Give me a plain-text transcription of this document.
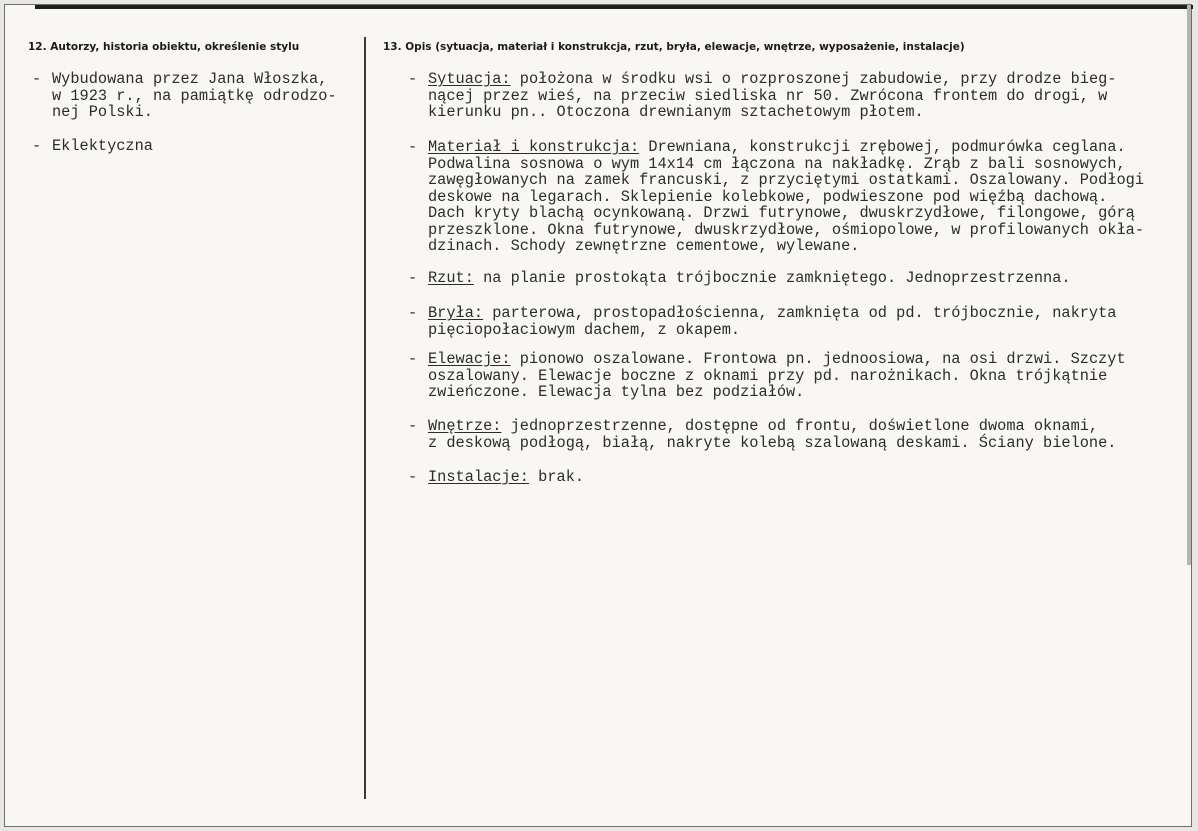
12. Autorzy, historia obiektu, określenie stylu	13. Opis (sytuacja, materiał i konstrukcja, rzut, bryła, elewacje, wnętrze, wyposażenie, instalacje)
- Wybudowana przez Jana Włoszka,
w 1923 r., na pamiątkę odrodzo-
nej Polski.
- Eklektyczna
- Sytuacja: położona w środku wsi o rozproszonej zabudowie, przy drodze bieg-
nącej przez wieś, na przeciw siedliska nr 50. Zwrócona frontem do drogi, w
kierunku pn.. Otoczona drewnianym sztachetowym płotem.
- Materiał i konstrukcja: Drewniana, konstrukcji zrębowej, podmurówka ceglana.
Podwalina sosnowa o wym 14x14 cm łączona na nakładkę. Zrąb z bali sosnowych,
zawęgłowanych na zamek francuski, z przyciętymi ostatkami. Oszalowany. Podłogi
deskowe na legarach. Sklepienie kolebkowe, podwieszone pod więźbą dachową.
Dach kryty blachą ocynkowaną. Drzwi futrynowe, dwuskrzydłowe, filongowe, górą
przeszklone. Okna futrynowe, dwuskrzydłowe, ośmiopolowe, w profilowanych okła-
dzinach. Schody zewnętrzne cementowe, wylewane.
- Rzut: na planie prostokąta trójbocznie zamkniętego. Jednoprzestrzenna.
- Bryła: parterowa, prostopadłościenna, zamknięta od pd. trójbocznie, nakryta
pięciopołaciowym dachem, z okapem.
- Elewacje: pionowo oszalowane. Frontowa pn. jednoosiowa, na osi drzwi. Szczyt
oszalowany. Elewacje boczne z oknami przy pd. narożnikach. Okna trójkątnie
zwieńczone. Elewacja tylna bez podziałów.
- Wnętrze: jednoprzestrzenne, dostępne od frontu, doświetlone dwoma oknami,
z deskową podłogą, białą, nakryte kolebą szalowaną deskami. Ściany bielone.
- Instalacje: brak.
